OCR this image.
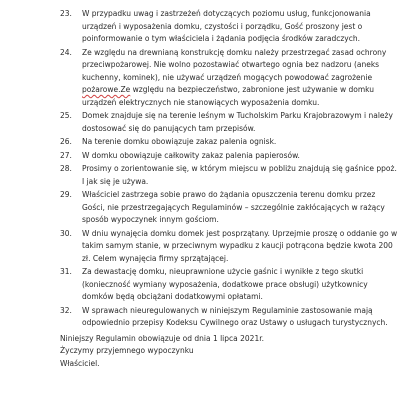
23.	W przypadku uwag i zastrzeżeń dotyczących poziomu usług, funkcjonowania urządzeń i wyposażenia domku, czystości i porządku, Gość proszony jest o poinformowanie o tym właściciela i żądania podjęcia środków zaradczych.
24.	Ze względu na drewnianą konstrukcję domku należy przestrzegać zasad ochrony przeciwpożarowej. Nie wolno pozostawiać otwartego ognia bez nadzoru (aneks kuchenny, kominek), nie używać urządzeń mogących powodować zagrożenie pożarowe.Ze względu na bezpieczeństwo, zabronione jest używanie w domku urządzeń elektrycznych nie stanowiących wyposażenia domku.
25.	Domek znajduje się na terenie leśnym w Tucholskim Parku Krajobrazowym i należy dostosować się do panujących tam przepisów.
26.	Na terenie domku obowiązuje zakaz palenia ognisk.
27.	W domku obowiązuje całkowity zakaz palenia papierosów.
28.	Prosimy o zorientowanie się, w którym miejscu w pobliżu znajdują się gaśnice ppoż. I jak się je używa.
29.	Właściciel zastrzega sobie prawo do żądania opuszczenia terenu domku przez Gości, nie przestrzegających Regulaminów – szczególnie zakłócających w rażący sposób wypoczynek innym gościom.
30.	W dniu wynajęcia domku domek jest posprzątany. Uprzejmie proszę o oddanie go w takim samym stanie, w przeciwnym wypadku z kaucji potrącona będzie kwota 200 zł. Celem wynajęcia firmy sprzątającej.
31.	Za dewastację domku, nieuprawnione użycie gaśnic i wynikłe z tego skutki (konieczność wymiany wyposażenia, dodatkowe prace obsługi) użytkownicy domków będą obciążani dodatkowymi opłatami.
32.	W sprawach nieuregulowanych w niniejszym Regulaminie zastosowanie mają odpowiednio przepisy Kodeksu Cywilnego oraz Ustawy o usługach turystycznych.
Niniejszy Regulamin obowiązuje od dnia 1 lipca 2021r.
Życzymy przyjemnego wypoczynku
Właściciel.
